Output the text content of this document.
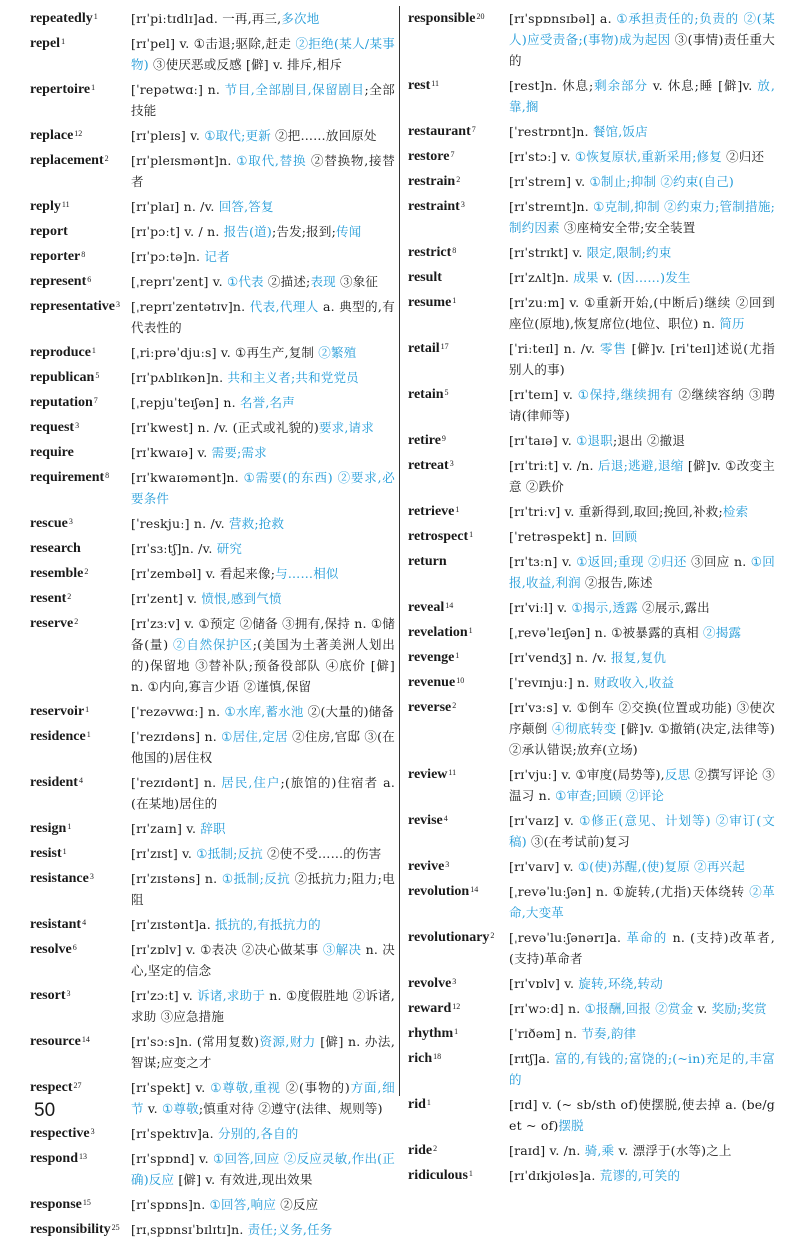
repeatedly$^1$	[rɪˈpiːtɪdlɪ]ad. 一再,再三,多次地
repel$^1$	[rɪˈpel] v. ①击退;驱除,赶走 ②拒绝(某人/某事物) ③使厌恶或反感 [僻] v. 排斥,相斥
repertoire$^1$	[ˈrepətwɑː] n. 节目,全部剧目,保留剧目;全部技能
replace$^{12}$	[rɪˈpleɪs] v. ①取代;更新 ②把……放回原处
replacement$^2$	[rɪˈpleɪsmənt]n. ①取代,替换 ②替换物,接替者
reply$^{11}$	[rɪˈplaɪ] n. /v. 回答,答复
report	[rɪˈpɔːt] v. / n. 报告(道);告发;报到;传闻
reporter$^8$	[rɪˈpɔːtə]n. 记者
represent$^6$	[ˌreprɪˈzent] v. ①代表 ②描述;表现 ③象征
representative$^3$ [ˌreprɪˈzentətɪv]n. 代表,代理人 a. 典型的,有代表性的
reproduce$^1$	[ˌriːprəˈdjuːs] v. ①再生产,复制 ②繁殖
republican$^5$	[rɪˈpʌblɪkən]n. 共和主义者;共和党党员
reputation$^7$	[ˌrepjuˈteɪʃən] n. 名誉,名声
request$^3$	[rɪˈkwest] n. /v. (正式或礼貌的)要求,请求
require	[rɪˈkwaɪə] v. 需要;需求
requirement$^8$	[rɪˈkwaɪəmənt]n. ①需要(的东西) ②要求,必要条件
rescue$^3$	[ˈreskjuː] n. /v. 营救;抢救
research	[rɪˈsɜːtʃ]n. /v. 研究
resemble$^2$	[rɪˈzembəl] v. 看起来像;与……相似
resent$^2$	[rɪˈzent] v. 愤恨,感到气愤
reserve$^2$	[rɪˈzɜːv] v. ①预定 ②储备 ③拥有,保持 n. ①储备(量) ②自然保护区;(美国为土著美洲人划出的)保留地 ③替补队;预备役部队 ④底价 [僻] n. ①内向,寡言少语 ②谨慎,保留
reservoir$^1$	[ˈrezəvwɑː] n. ①水库,蓄水池 ②(大量的)储备
residence$^1$	[ˈrezɪdəns] n. ①居住,定居 ②住房,官邸 ③(在他国的)居住权
resident$^4$	[ˈrezɪdənt] n. 居民,住户;(旅馆的)住宿者 a. (在某地)居住的
resign$^1$	[rɪˈzaɪn] v. 辞职
resist$^1$	[rɪˈzɪst] v. ①抵制;反抗 ②使不受……的伤害
resistance$^3$	[rɪˈzɪstəns] n. ①抵制;反抗 ②抵抗力;阻力;电阻
resistant$^4$	[rɪˈzɪstənt]a. 抵抗的,有抵抗力的
resolve$^6$	[rɪˈzɒlv] v. ①表决 ②决心做某事 ③解决 n. 决心,坚定的信念
resort$^3$	[rɪˈzɔːt] v. 诉诸,求助于 n. ①度假胜地 ②诉诸,求助 ③应急措施
resource$^{14}$	[rɪˈsɔːs]n. (常用复数)资源,财力 [僻] n. 办法,智谋;应变之才
respect$^{27}$	[rɪˈspekt] v. ①尊敬,重视 ②(事物的)方面,细节 v. ①尊敬;慎重对待 ②遵守(法律、规则等)
respective$^3$	[rɪˈspektɪv]a. 分别的,各自的
respond$^{13}$	[rɪˈspɒnd] v. ①回答,回应 ②反应灵敏,作出(正确)反应 [僻] v. 有效进,现出效果
response$^{15}$	[rɪˈspɒns]n. ①回答,响应 ②反应
responsibility$^{25}$ [rɪˌspɒnsɪˈbɪlɪtɪ]n. 责任;义务,任务
responsible$^{20}$	[rɪˈspɒnsɪbəl] a. ①承担责任的;负责的 ②(某人)应受责备;(事物)成为起因 ③(事情)责任重大的
rest$^{11}$	[rest]n. 休息;剩余部分 v. 休息;睡 [僻]v. 放,靠,搁
restaurant$^7$	[ˈrestrɒnt]n. 餐馆,饭店
restore$^7$	[rɪˈstɔː] v. ①恢复原状,重新采用;修复 ②归还
restrain$^2$	[rɪˈstreɪn] v. ①制止;抑制 ②约束(自己)
restraint$^3$	[rɪˈstreɪnt]n. ①克制,抑制 ②约束力;管制措施;制约因素 ③座椅安全带;安全装置
restrict$^8$	[rɪˈstrɪkt] v. 限定,限制;约束
result	[rɪˈzʌlt]n. 成果 v. (因……)发生
resume$^1$	[rɪˈzuːm] v. ①重新开始,(中断后)继续 ②回到座位(原地),恢复席位(地位、职位) n. 简历
retail$^{17}$	[ˈriːteɪl] n. /v. 零售 [僻]v. [riˈteɪl]述说(尤指别人的事)
retain$^5$	[rɪˈteɪn] v. ①保持,继续拥有 ②继续容纳 ③聘请(律师等)
retire$^9$	[rɪˈtaɪə] v. ①退职;退出 ②撤退
retreat$^3$	[rɪˈtriːt] v. /n. 后退;逃避,退缩 [僻]v. ①改变主意 ②跌价
retrieve$^1$	[rɪˈtriːv] v. 重新得到,取回;挽回,补救;检索
retrospect$^1$	[ˈretrəspekt] n. 回顾
return	[rɪˈtɜːn] v. ①返回;重现 ②归还 ③回应 n. ①回报,收益,利润 ②报告,陈述
reveal$^{14}$	[rɪˈviːl] v. ①揭示,透露 ②展示,露出
revelation$^1$	[ˌrevəˈleɪʃən] n. ①被暴露的真相 ②揭露
revenge$^1$	[rɪˈvendʒ] n. /v. 报复,复仇
revenue$^{10}$	[ˈrevɪnjuː] n. 财政收入,收益
reverse$^2$	[rɪˈvɜːs] v. ①倒车 ②交换(位置或功能) ③使次序颠倒 ④彻底转变 [僻]v. ①撤销(决定,法律等) ②承认错误;放弃(立场)
review$^{11}$	[rɪˈvjuː] v. ①审度(局势等),反思 ②撰写评论 ③温习 n. ①审查;回顾 ②评论
revise$^4$	[rɪˈvaɪz] v. ①修正(意见、计划等) ②审订(文稿) ③(在考试前)复习
revive$^3$	[rɪˈvaɪv] v. ①(使)苏醒,(使)复原 ②再兴起
revolution$^{14}$	[ˌrevəˈluːʃən] n. ①旋转,(尤指)天体绕转 ②革命,大变革
revolutionary$^2$	[ˌrevəˈluːʃənərɪ]a. 革命的 n. (支持)改革者,(支持)革命者
revolve$^3$	[rɪˈvɒlv] v. 旋转,环绕,转动
reward$^{12}$	[rɪˈwɔːd] n. ①报酬,回报 ②赏金 v. 奖励;奖赏
rhythm$^1$	[ˈrɪðəm] n. 节奏,韵律
rich$^{18}$	[rɪtʃ]a. 富的,有钱的;富饶的;(~in)充足的,丰富的
rid$^1$	[rɪd] v. (~ sb/sth of)使摆脱,使去掉 a. (be/get ~ of)摆脱
ride$^2$	[raɪd] v. /n. 骑,乘 v. 漂浮于(水等)之上
ridiculous$^1$	[rɪˈdɪkjʊləs]a. 荒谬的,可笑的
50
